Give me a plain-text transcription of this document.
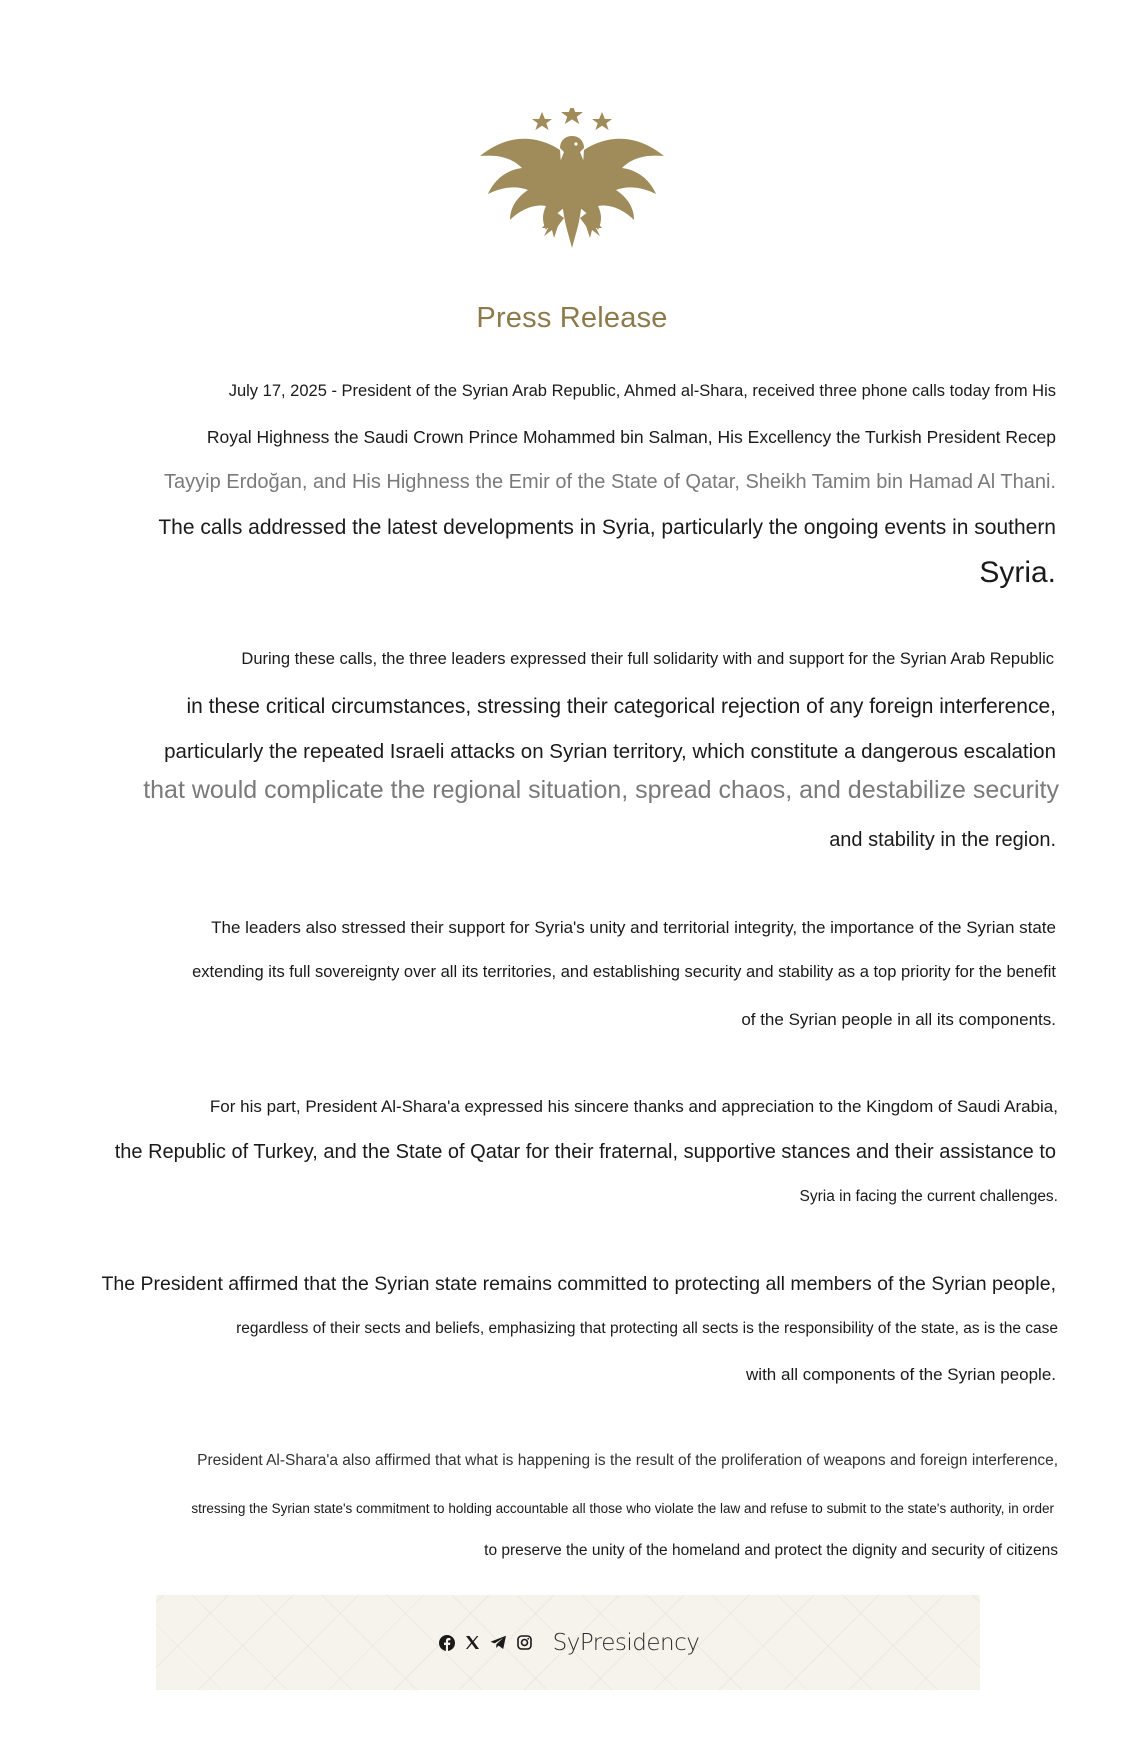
Press Release
July 17, 2025 - President of the Syrian Arab Republic, Ahmed al-Shara, received three phone calls today from His
Royal Highness the Saudi Crown Prince Mohammed bin Salman, His Excellency the Turkish President Recep
Tayyip Erdoğan, and His Highness the Emir of the State of Qatar, Sheikh Tamim bin Hamad Al Thani.
The calls addressed the latest developments in Syria, particularly the ongoing events in southern
Syria.
During these calls, the three leaders expressed their full solidarity with and support for the Syrian Arab Republic
in these critical circumstances, stressing their categorical rejection of any foreign interference,
particularly the repeated Israeli attacks on Syrian territory, which constitute a dangerous escalation
that would complicate the regional situation, spread chaos, and destabilize security
and stability in the region.
The leaders also stressed their support for Syria's unity and territorial integrity, the importance of the Syrian state
extending its full sovereignty over all its territories, and establishing security and stability as a top priority for the benefit
of the Syrian people in all its components.
For his part, President Al-Shara'a expressed his sincere thanks and appreciation to the Kingdom of Saudi Arabia,
the Republic of Turkey, and the State of Qatar for their fraternal, supportive stances and their assistance to
Syria in facing the current challenges.
The President affirmed that the Syrian state remains committed to protecting all members of the Syrian people,
regardless of their sects and beliefs, emphasizing that protecting all sects is the responsibility of the state, as is the case
with all components of the Syrian people.
President Al-Shara'a also affirmed that what is happening is the result of the proliferation of weapons and foreign interference,
stressing the Syrian state's commitment to holding accountable all those who violate the law and refuse to submit to the state's authority, in order
to preserve the unity of the homeland and protect the dignity and security of citizens
SyPresidency
